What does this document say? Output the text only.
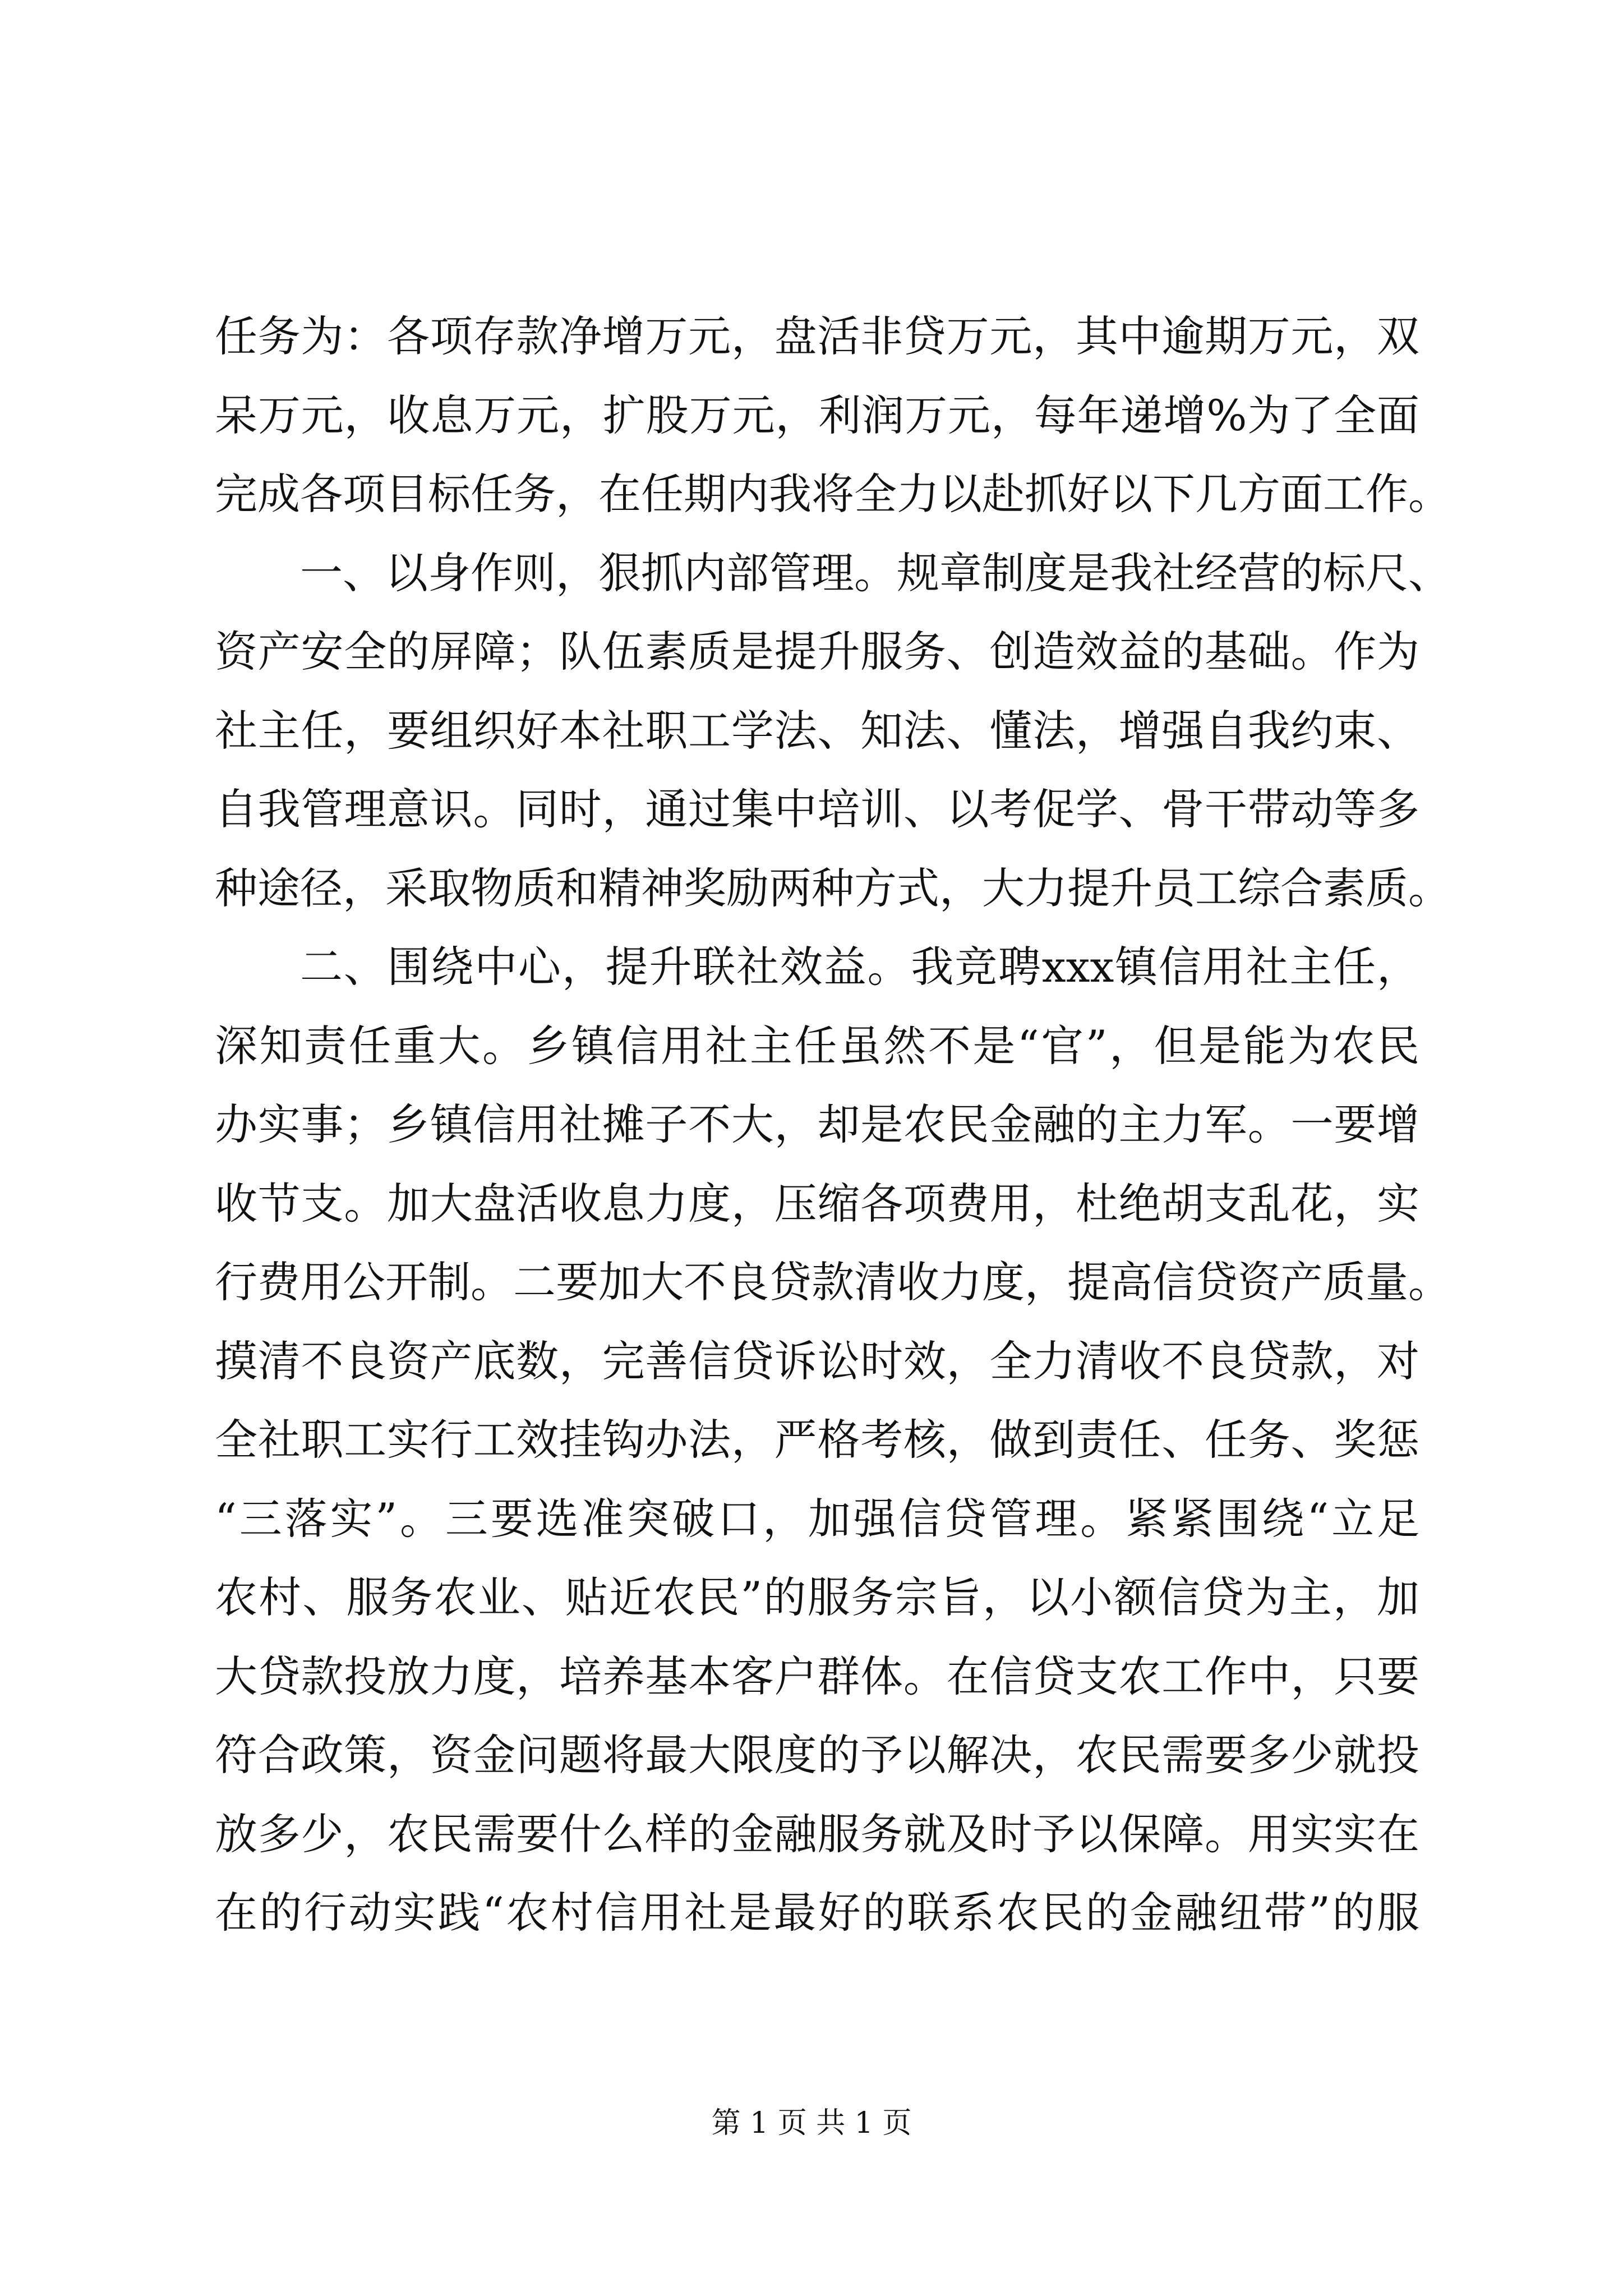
任务为：各项存款净增万元，盘活非贷万元，其中逾期万元，双
呆万元，收息万元，扩股万元，利润万元，每年递增%为了全面
完成各项目标任务，在任期内我将全力以赴抓好以下几方面工作。
一、以身作则，狠抓内部管理。规章制度是我社经营的标尺、
资产安全的屏障；队伍素质是提升服务、创造效益的基础。作为
社主任，要组织好本社职工学法、知法、懂法，增强自我约束、
自我管理意识。同时，通过集中培训、以考促学、骨干带动等多
种途径，采取物质和精神奖励两种方式，大力提升员工综合素质。
二、围绕中心，提升联社效益。我竞聘xxx镇信用社主任，
深知责任重大。乡镇信用社主任虽然不是“官”，但是能为农民
办实事；乡镇信用社摊子不大，却是农民金融的主力军。一要增
收节支。加大盘活收息力度，压缩各项费用，杜绝胡支乱花，实
行费用公开制。二要加大不良贷款清收力度，提高信贷资产质量。
摸清不良资产底数，完善信贷诉讼时效，全力清收不良贷款，对
全社职工实行工效挂钩办法，严格考核，做到责任、任务、奖惩
“三落实”。三要选准突破口，加强信贷管理。紧紧围绕“立足
农村、服务农业、贴近农民”的服务宗旨，以小额信贷为主，加
大贷款投放力度，培养基本客户群体。在信贷支农工作中，只要
符合政策，资金问题将最大限度的予以解决，农民需要多少就投
放多少，农民需要什么样的金融服务就及时予以保障。用实实在
在的行动实践“农村信用社是最好的联系农民的金融纽带”的服
第 1 页 共 1 页
